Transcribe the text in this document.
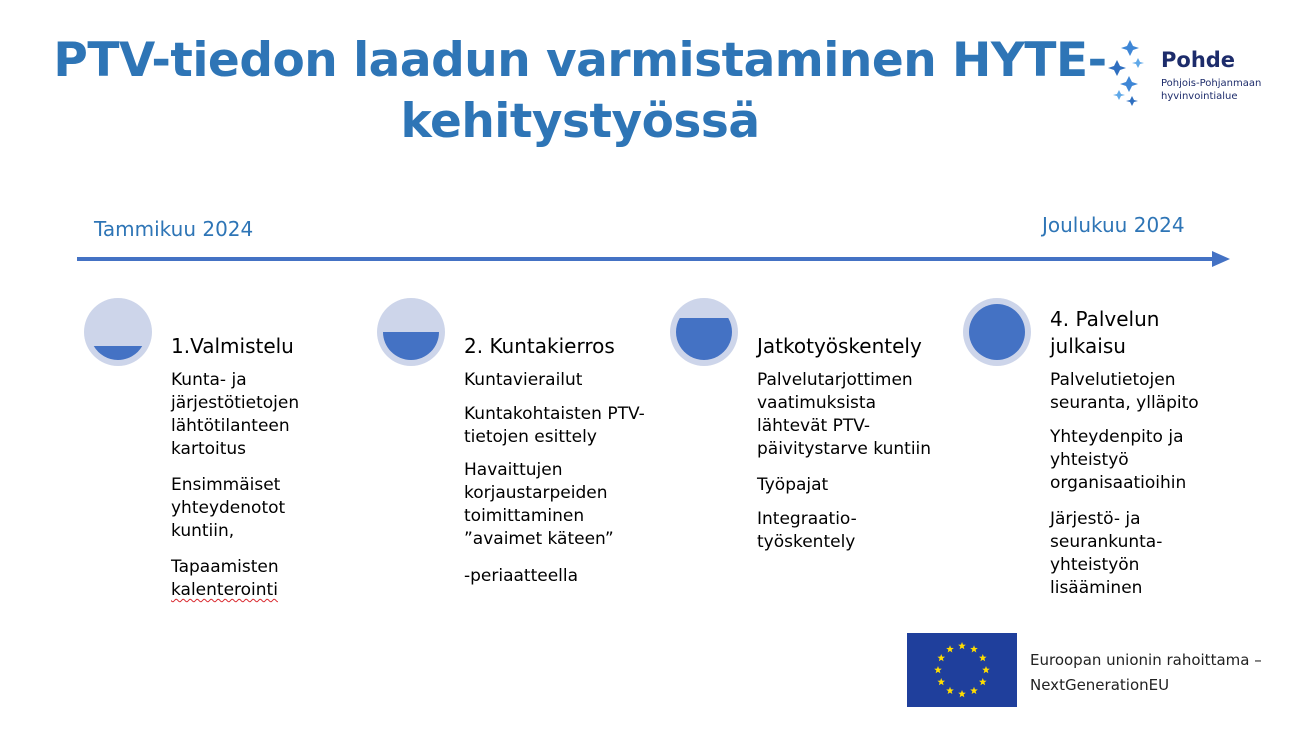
PTV-tiedon laadun varmistaminen HYTE-
kehitystyössä
Pohde
Pohjois-Pohjanmaan
hyvinvointialue
Tammikuu 2024	Joulukuu 2024
1.Valmistelu
Kunta- ja
järjestötietojen
lähtötilanteen
kartoitus
Ensimmäiset
yhteydenotot
kuntiin,
Tapaamisten
kalenterointi
2. Kuntakierros
Kuntavierailut
Kuntakohtaisten PTV-
tietojen esittely
Havaittujen
korjaustarpeiden
toimittaminen
”avaimet käteen”
-periaatteella
Jatkotyöskentely
Palvelutarjottimen
vaatimuksista
lähtevät PTV-
päivitystarve kuntiin
Työpajat
Integraatio-
työskentely
4. Palvelun
julkaisu
Palvelutietojen
seuranta, ylläpito
Yhteydenpito ja
yhteistyö
organisaatioihin
Järjestö- ja
seurankunta-
yhteistyön
lisääminen
Euroopan unionin rahoittama –
NextGenerationEU
